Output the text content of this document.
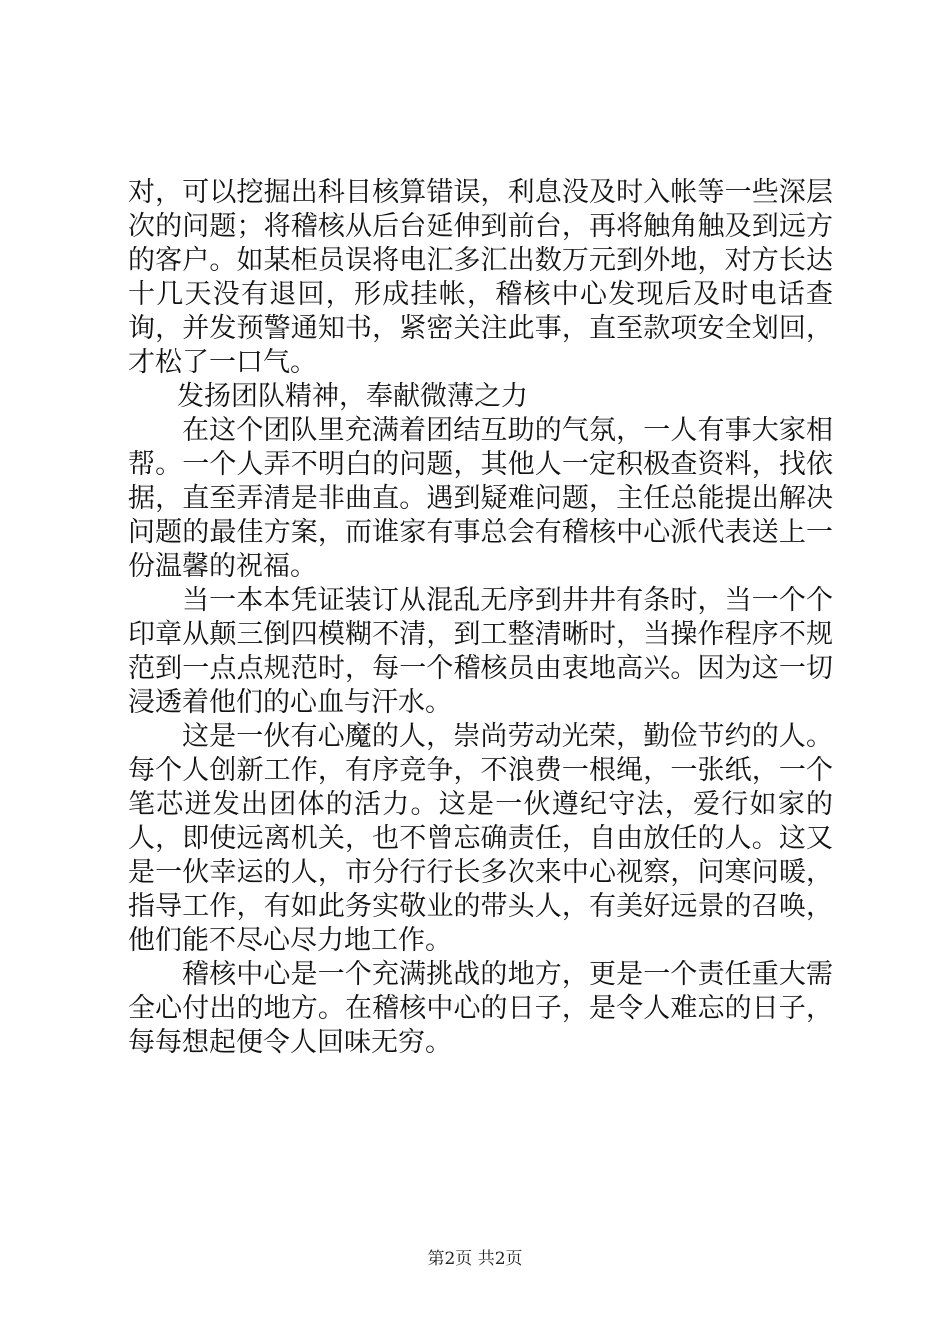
对，可以挖掘出科目核算错误，利息没及时入帐等一些深层次的问题；将稽核从后台延伸到前台，再将触角触及到远方的客户。如某柜员误将电汇多汇出数万元到外地，对方长达十几天没有退回，形成挂帐，稽核中心发现后及时电话查询，并发预警通知书，紧密关注此事，直至款项安全划回，才松了一口气。

发扬团队精神，奉献微薄之力

在这个团队里充满着团结互助的气氛，一人有事大家相帮。一个人弄不明白的问题，其他人一定积极查资料，找依据，直至弄清是非曲直。遇到疑难问题，主任总能提出解决问题的最佳方案，而谁家有事总会有稽核中心派代表送上一份温馨的祝福。

当一本本凭证装订从混乱无序到井井有条时，当一个个印章从颠三倒四模糊不清，到工整清晰时，当操作程序不规范到一点点规范时，每一个稽核员由衷地高兴。因为这一切浸透着他们的心血与汗水。

这是一伙有心魔的人，崇尚劳动光荣，勤俭节约的人。每个人创新工作，有序竞争，不浪费一根绳，一张纸，一个笔芯迸发出团体的活力。这是一伙遵纪守法，爱行如家的人，即使远离机关，也不曾忘确责任，自由放任的人。这又是一伙幸运的人，市分行行长多次来中心视察，问寒问暖，指导工作，有如此务实敬业的带头人，有美好远景的召唤，他们能不尽心尽力地工作。

稽核中心是一个充满挑战的地方，更是一个责任重大需全心付出的地方。在稽核中心的日子，是令人难忘的日子，每每想起便令人回味无穷。

第2页 共2页
